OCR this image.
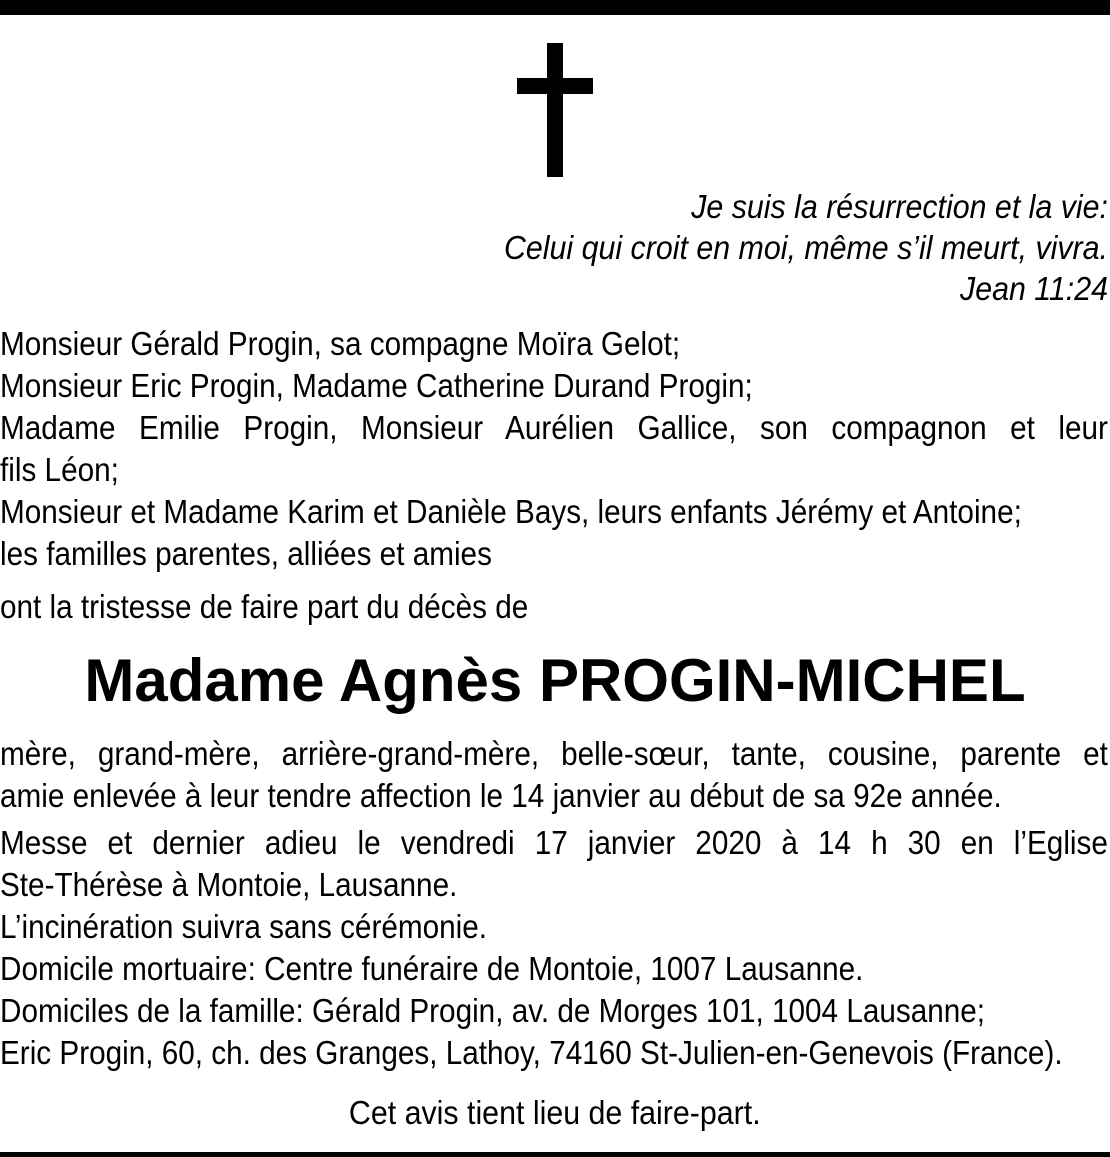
Je suis la résurrection et la vie:
Celui qui croit en moi, même s’il meurt, vivra.
Jean 11:24
Monsieur Gérald Progin, sa compagne Moïra Gelot;
Monsieur Eric Progin, Madame Catherine Durand Progin;
Madame Emilie Progin, Monsieur Aurélien Gallice, son compagnon et leur
fils Léon;
Monsieur et Madame Karim et Danièle Bays, leurs enfants Jérémy et Antoine;
les familles parentes, alliées et amies
ont la tristesse de faire part du décès de
Madame Agnès PROGIN-MICHEL
mère, grand-mère, arrière-grand-mère, belle-sœur, tante, cousine, parente et
amie enlevée à leur tendre affection le 14 janvier au début de sa 92e année.
Messe et dernier adieu le vendredi 17 janvier 2020 à 14 h 30 en l’Eglise
Ste-Thérèse à Montoie, Lausanne.
L’incinération suivra sans cérémonie.
Domicile mortuaire: Centre funéraire de Montoie, 1007 Lausanne.
Domiciles de la famille: Gérald Progin, av. de Morges 101, 1004 Lausanne;
Eric Progin, 60, ch. des Granges, Lathoy, 74160 St-Julien-en-Genevois (France).
Cet avis tient lieu de faire-part.
